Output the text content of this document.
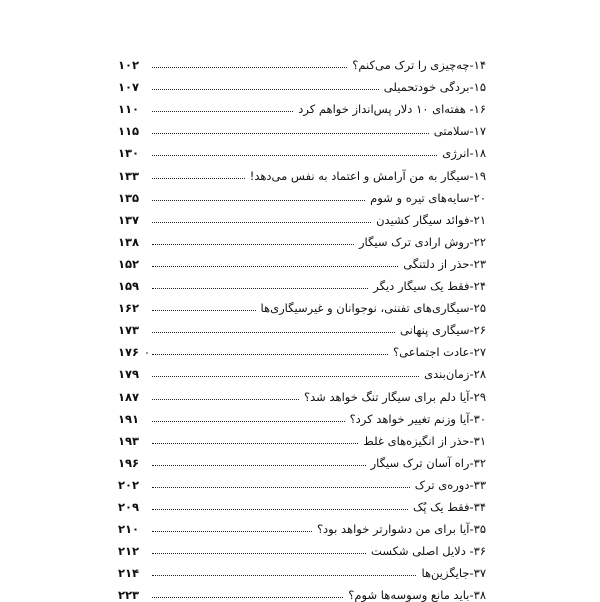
۱۴-چه‌چیزی را ترک می‌کنم؟
۱۰۲
۱۵-بردگی خودتحمیلی
۱۰۷
۱۶- هفته‌ای ۱۰ دلار پس‌انداز خواهم کرد
۱۱۰
۱۷-سلامتی
۱۱۵
۱۸-انرژی
۱۳۰
۱۹-سیگار به من آرامش و اعتماد به نفس می‌دهد!
۱۳۳
۲۰-سایه‌های تیره و شوم
۱۳۵
۲۱-فوائد سیگار کشیدن
۱۳۷
۲۲-روش ارادی ترک سیگار
۱۳۸
۲۳-حذر از دلتنگی
۱۵۲
۲۴-فقط یک سیگار دیگر
۱۵۹
۲۵-سیگاری‌های تفننی، نوجوانان و غیرسیگاری‌ها
۱۶۲
۲۶-سیگاری پنهانی
۱۷۳
۲۷-عادت اجتماعی؟
۱۷۶
۲۸-زمان‌بندی
۱۷۹
۲۹-آیا دلم برای سیگار تنگ خواهد شد؟
۱۸۷
۳۰-آیا وزنم تغییر خواهد کرد؟
۱۹۱
۳۱-حذر از انگیزه‌های غلط
۱۹۳
۳۲-راه آسان ترک سیگار
۱۹۶
۳۳-دوره‌ی ترک
۲۰۲
۳۴-فقط یک پُک
۲۰۹
۳۵-آیا برای من دشوارتر خواهد بود؟
۲۱۰
۳۶- دلایل اصلی شکست
۲۱۲
۳۷-جایگزین‌ها
۲۱۴
۳۸-باید مانع وسوسه‌ها شوم؟
۲۲۳
